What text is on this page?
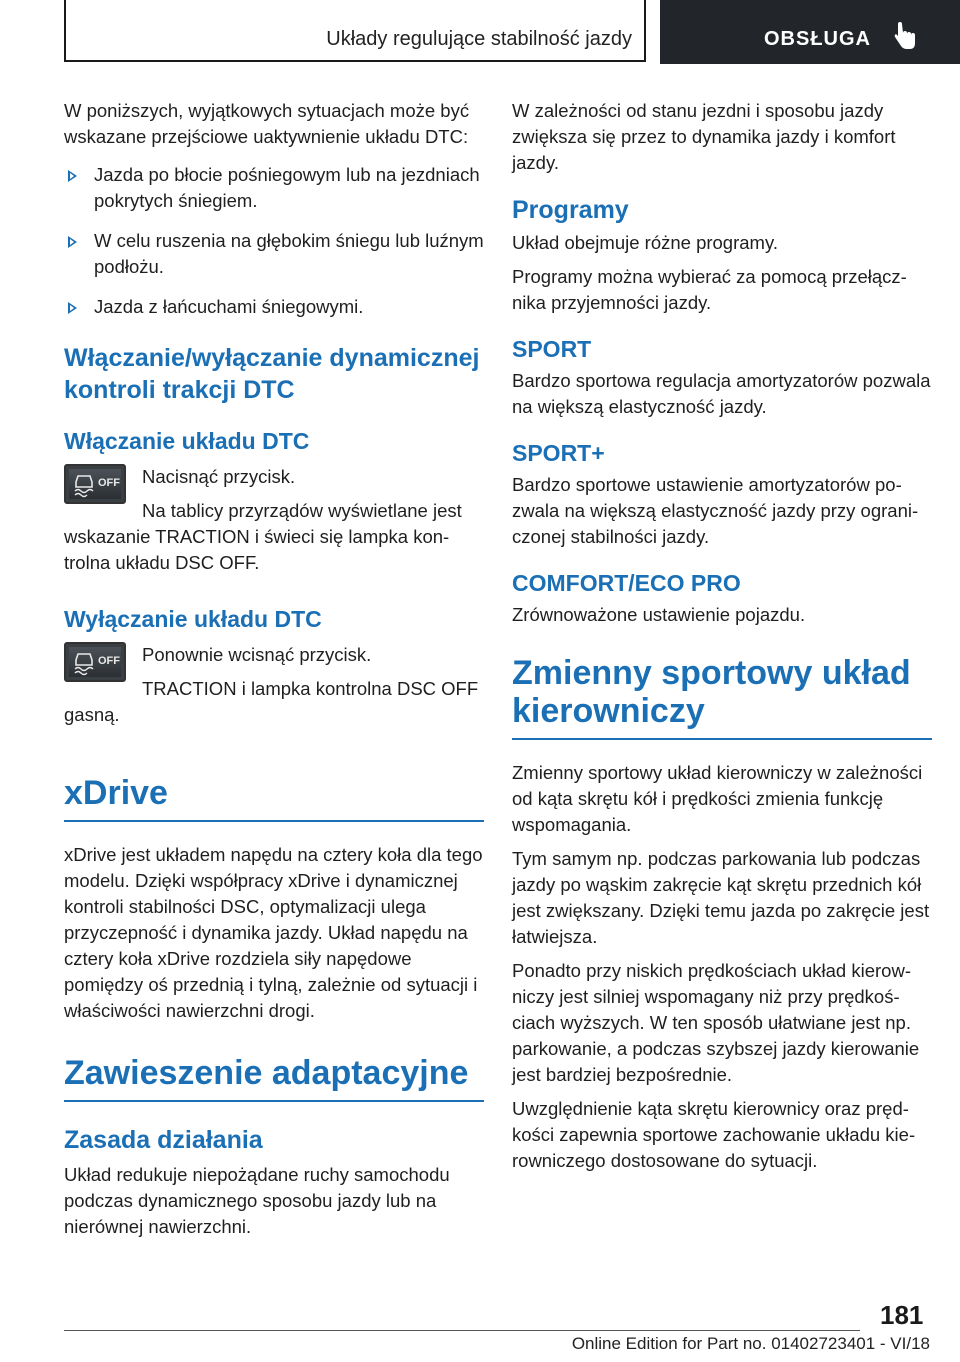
Układy regulujące stabilność jazdy	OBSŁUGA

W poniższych, wyjątkowych sytuacjach może być wskazane przejściowe uaktywnienie układu DTC:

Jazda po błocie pośniegowym lub na jezdniach pokrytych śniegiem.
W celu ruszenia na głębokim śniegu lub luźnym podłożu.
Jazda z łańcuchami śniegowymi.
Włączanie/wyłączanie dynamicznej kontroli trakcji DTC
Włączanie układu DTC
OFF	Nacisnąć przycisk.

Na tablicy przyrządów wyświetlane jest wskazanie TRACTION i świeci się lampka kontrolna układu DSC OFF.

Wyłączanie układu DTC
OFF	Ponownie wcisnąć przycisk.

TRACTION i lampka kontrolna DSC OFF gasną.

xDrive

xDrive jest układem napędu na cztery koła dla tego modelu. Dzięki współpracy xDrive i dynamicznej kontroli stabilności DSC, optymalizacji ulega przyczepność i dynamika jazdy. Układ napędu na cztery koła xDrive rozdziela siły napędowe pomiędzy oś przednią i tylną, zależnie od sytuacji i właściwości nawierzchni drogi.

Zawieszenie adaptacyjne
Zasada działania

Układ redukuje niepożądane ruchy samochodu podczas dynamicznego sposobu jazdy lub na nierównej nawierzchni.

W zależności od stanu jezdni i sposobu jazdy zwiększa się przez to dynamika jazdy i komfort jazdy.

Programy

Układ obejmuje różne programy.

Programy można wybierać za pomocą przełącznika przyjemności jazdy.

SPORT

Bardzo sportowa regulacja amortyzatorów pozwala na większą elastyczność jazdy.

SPORT+

Bardzo sportowe ustawienie amortyzatorów pozwala na większą elastyczność jazdy przy ograniczonej stabilności jazdy.

COMFORT/ECO PRO

Zrównoważone ustawienie pojazdu.

Zmienny sportowy układ kierowniczy

Zmienny sportowy układ kierowniczy w zależności od kąta skrętu kół i prędkości zmienia funkcję wspomagania.

Tym samym np. podczas parkowania lub podczas jazdy po wąskim zakręcie kąt skrętu przednich kół jest zwiększany. Dzięki temu jazda po zakręcie jest łatwiejsza.

Ponadto przy niskich prędkościach układ kierowniczy jest silniej wspomagany niż przy prędkościach wyższych. W ten sposób ułatwiane jest np. parkowanie, a podczas szybszej jazdy kierowanie jest bardziej bezpośrednie.

Uwzględnienie kąta skrętu kierownicy oraz prędkości zapewnia sportowe zachowanie układu kierowniczego dostosowane do sytuacji.

181
Online Edition for Part no. 01402723401 - VI/18
